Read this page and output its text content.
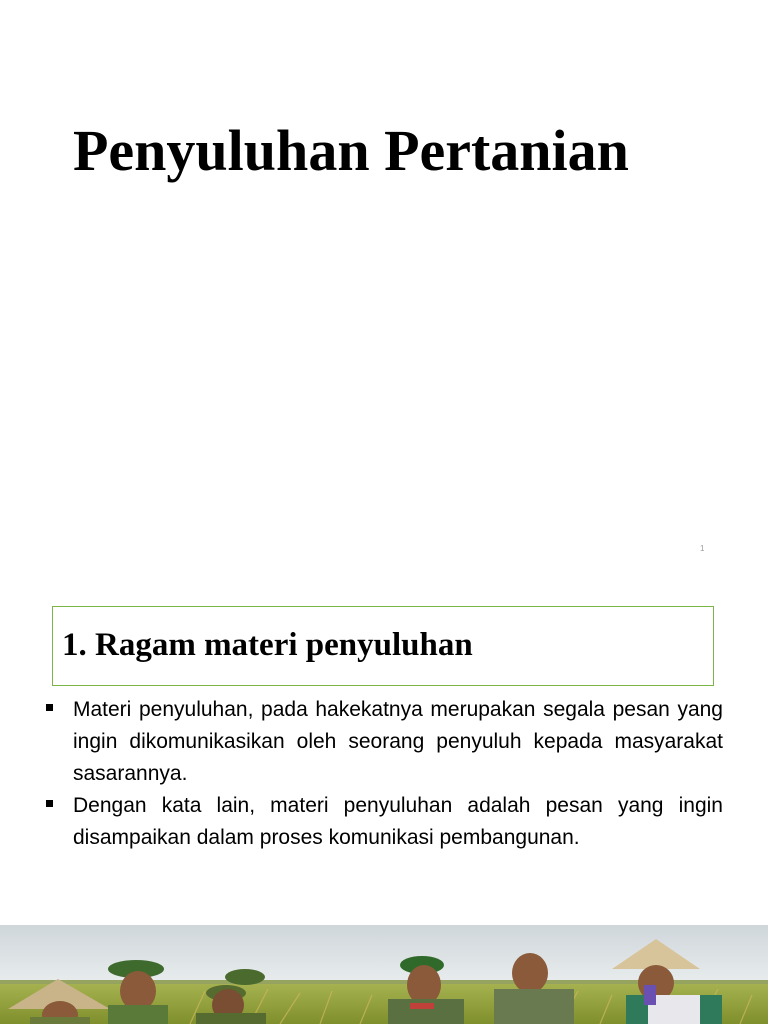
Penyuluhan Pertanian
1
1. Ragam materi penyuluhan
Materi penyuluhan, pada hakekatnya merupakan segala pesan yang ingin dikomunikasikan oleh seorang penyuluh kepada masyarakat sasarannya.
Dengan kata lain, materi penyuluhan adalah pesan yang ingin disampaikan dalam proses komunikasi pembangunan.
